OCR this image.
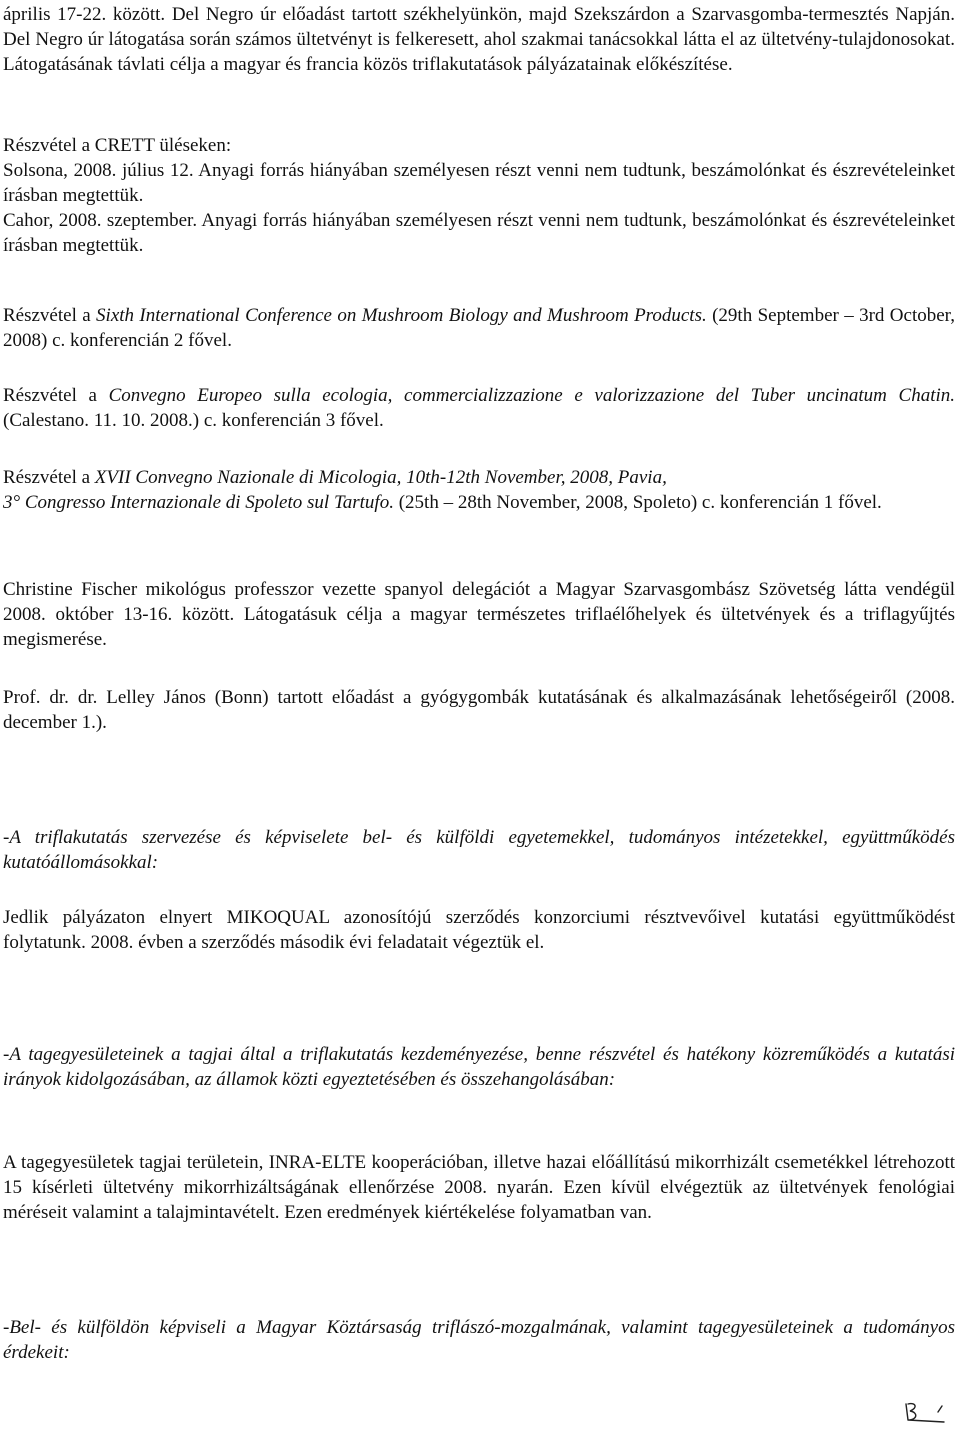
április 17-22. között. Del Negro úr előadást tartott székhelyünkön, majd Szekszárdon a Szarvasgomba-termesztés Napján. Del Negro úr látogatása során számos ültetvényt is felkeresett, ahol szakmai tanácsokkal látta el az ültetvény-tulajdonosokat. Látogatásának távlati célja a magyar és francia közös triflakutatások pályázatainak előkészítése.

Részvétel a CRETT üléseken:

Solsona, 2008. július 12. Anyagi forrás hiányában személyesen részt venni nem tudtunk, beszámolónkat és észrevételeinket írásban megtettük.

Cahor, 2008. szeptember. Anyagi forrás hiányában személyesen részt venni nem tudtunk, beszámolónkat és észrevételeinket írásban megtettük.

Részvétel a Sixth International Conference on Mushroom Biology and Mushroom Products. (29th September – 3rd October, 2008) c. konferencián 2 fővel.

Részvétel a Convegno Europeo sulla ecologia, commercializzazione e valorizzazione del Tuber uncinatum Chatin. (Calestano. 11. 10. 2008.) c. konferencián 3 fővel.

Részvétel a XVII Convegno Nazionale di Micologia, 10th-12th November, 2008, Pavia,
3° Congresso Internazionale di Spoleto sul Tartufo. (25th – 28th November, 2008, Spoleto) c. konferencián 1 fővel.

Christine Fischer mikológus professzor vezette spanyol delegációt a Magyar Szarvasgombász Szövetség látta vendégül 2008. október 13-16. között. Látogatásuk célja a magyar természetes triflaélőhelyek és ültetvények és a triflagyűjtés megismerése.

Prof. dr. dr. Lelley János (Bonn) tartott előadást a gyógygombák kutatásának és alkalmazásának lehetőségeiről (2008. december 1.).

-A triflakutatás szervezése és képviselete bel- és külföldi egyetemekkel, tudományos intézetekkel, együttműködés kutatóállomásokkal:

Jedlik pályázaton elnyert MIKOQUAL azonosítójú szerződés konzorciumi résztvevőivel kutatási együttműködést folytatunk. 2008. évben a szerződés második évi feladatait végeztük el.

-A tagegyesületeinek a tagjai által a triflakutatás kezdeményezése, benne részvétel és hatékony közreműködés a kutatási irányok kidolgozásában, az államok közti egyeztetésében és összehangolásában:

A tagegyesületek tagjai területein, INRA-ELTE kooperációban, illetve hazai előállítású mikorrhizált csemetékkel létrehozott 15 kísérleti ültetvény mikorrhizáltságának ellenőrzése 2008. nyarán. Ezen kívül elvégeztük az ültetvények fenológiai méréseit valamint a talajmintavételt. Ezen eredmények kiértékelése folyamatban van.

-Bel- és külföldön képviseli a Magyar Köztársaság triflászó-mozgalmának, valamint tagegyesületeinek a tudományos érdekeit:
